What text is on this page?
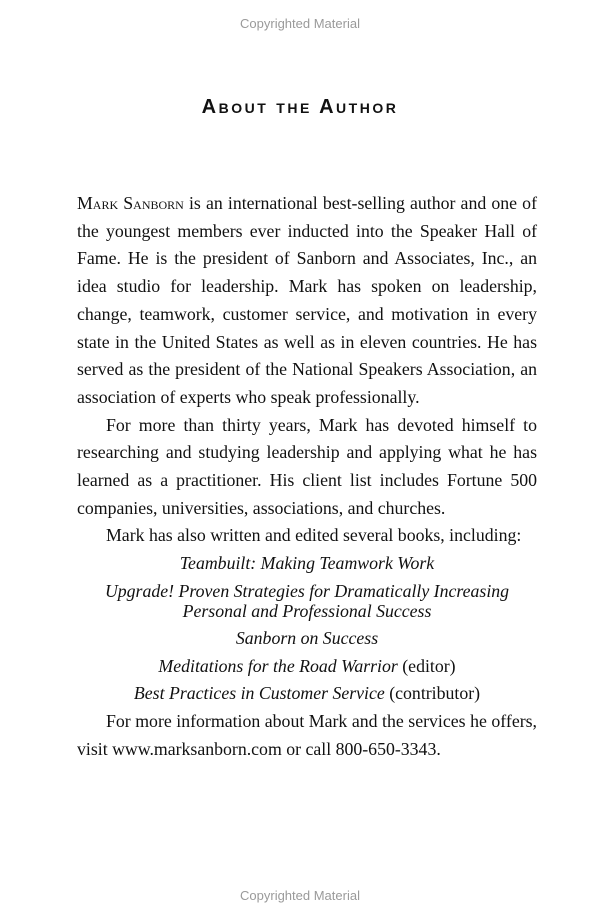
Copyrighted Material
About the Author

Mark Sanborn is an international best-selling author and one of the youngest members ever inducted into the Speaker Hall of Fame. He is the president of Sanborn and Associates, Inc., an idea studio for leadership. Mark has spoken on leadership, change, teamwork, customer service, and motivation in every state in the United States as well as in eleven countries. He has served as the president of the National Speakers Association, an association of experts who speak professionally.

For more than thirty years, Mark has devoted himself to researching and studying leadership and applying what he has learned as a practitioner. His client list includes Fortune 500 companies, universities, associations, and churches.

Mark has also written and edited several books, including:

Teambuilt: Making Teamwork Work

Upgrade! Proven Strategies for Dramatically Increasing
Personal and Professional Success

Sanborn on Success

Meditations for the Road Warrior (editor)

Best Practices in Customer Service (contributor)

For more information about Mark and the services he offers, visit www.marksanborn.com or call 800-650-3343.

Copyrighted Material
